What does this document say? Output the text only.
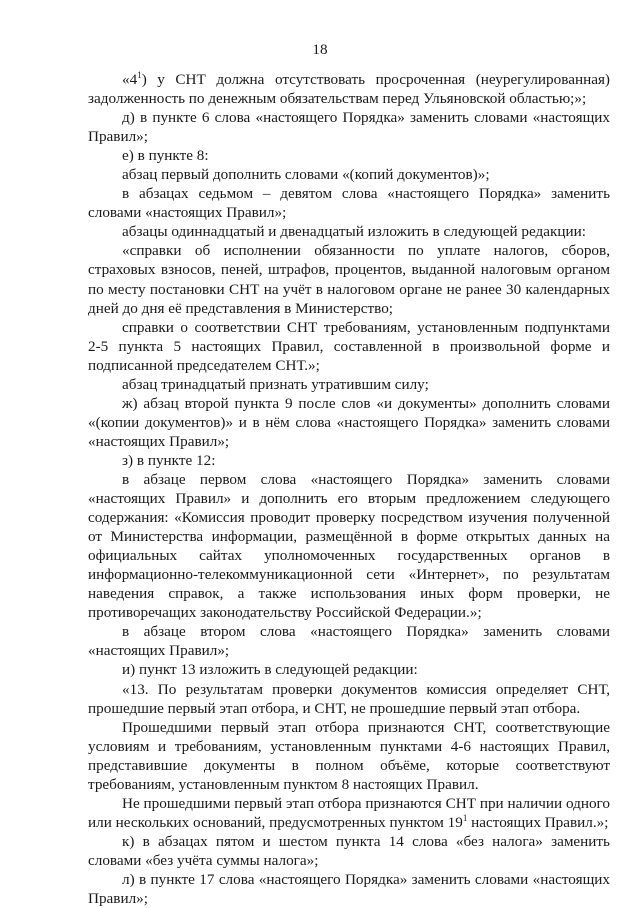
18

«$4^1$) у СНТ должна отсутствовать просроченная (неурегулированная) задолженность по денежным обязательствам перед Ульяновской областью;»;

д) в пункте 6 слова «настоящего Порядка» заменить словами «настоящих Правил»;

е) в пункте 8:

абзац первый дополнить словами «(копий документов)»;

в абзацах седьмом – девятом слова «настоящего Порядка» заменить словами «настоящих Правил»;

абзацы одиннадцатый и двенадцатый изложить в следующей редакции:

«справки об исполнении обязанности по уплате налогов, сборов, страховых взносов, пеней, штрафов, процентов, выданной налоговым органом по месту постановки СНТ на учёт в налоговом органе не ранее 30 календарных дней до дня её представления в Министерство;

справки о соответствии СНТ требованиям, установленным подпунктами 2-5 пункта 5 настоящих Правил, составленной в произвольной форме и подписанной председателем СНТ.»;

абзац тринадцатый признать утратившим силу;

ж) абзац второй пункта 9 после слов «и документы» дополнить словами «(копии документов)» и в нём слова «настоящего Порядка» заменить словами «настоящих Правил»;

з) в пункте 12:

в абзаце первом слова «настоящего Порядка» заменить словами «настоящих Правил» и дополнить его вторым предложением следующего содержания: «Комиссия проводит проверку посредством изучения полученной от Министерства информации, размещённой в форме открытых данных на официальных сайтах уполномоченных государственных органов в информационно-телекоммуникационной сети «Интернет», по результатам наведения справок, а также использования иных форм проверки, не противоречащих законодательству Российской Федерации.»;

в абзаце втором слова «настоящего Порядка» заменить словами «настоящих Правил»;

и) пункт 13 изложить в следующей редакции:

«13. По результатам проверки документов комиссия определяет СНТ, прошедшие первый этап отбора, и СНТ, не прошедшие первый этап отбора.

Прошедшими первый этап отбора признаются СНТ, соответствующие условиям и требованиям, установленным пунктами 4-6 настоящих Правил, представившие документы в полном объёме, которые соответствуют требованиям, установленным пунктом 8 настоящих Правил.

Не прошедшими первый этап отбора признаются СНТ при наличии одного или нескольких оснований, предусмотренных пунктом $19^1$ настоящих Правил.»;

к) в абзацах пятом и шестом пункта 14 слова «без налога» заменить словами «без учёта суммы налога»;

л) в пункте 17 слова «настоящего Порядка» заменить словами «настоящих Правил»;
